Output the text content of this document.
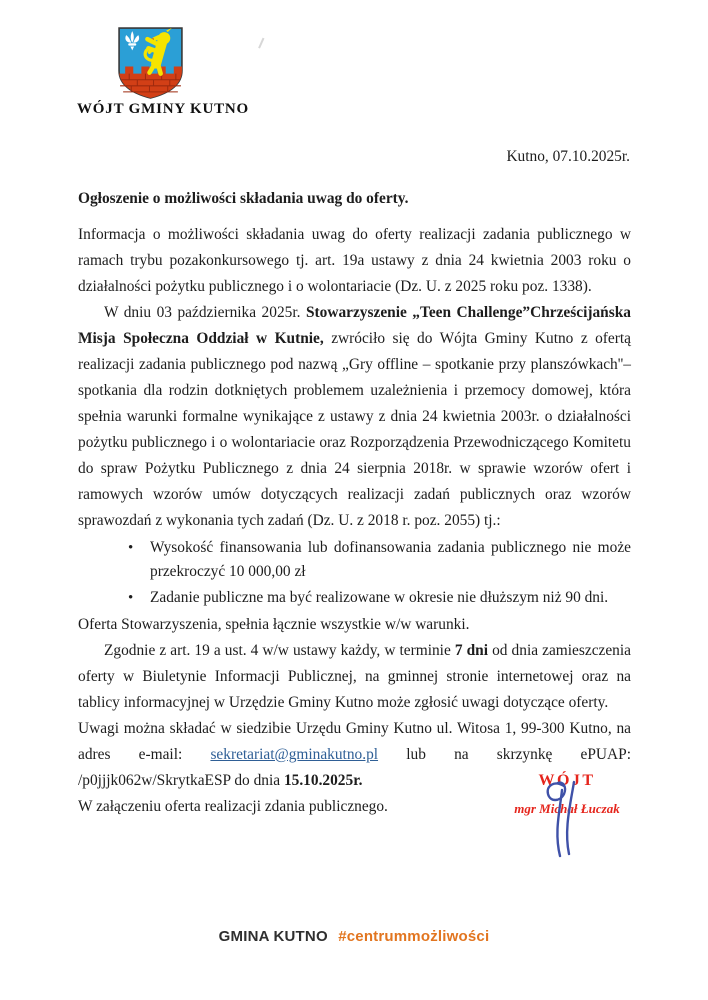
WÓJT GMINY KUTNO
Kutno, 07.10.2025r.

Ogłoszenie o możliwości składania uwag do oferty.

Informacja o możliwości składania uwag do oferty realizacji zadania publicznego w ramach trybu pozakonkursowego tj. art. 19a ustawy z dnia 24 kwietnia 2003 roku o działalności pożytku publicznego i o wolontariacie (Dz. U. z 2025 roku poz. 1338).
W dniu 03 października 2025r. Stowarzyszenie „Teen Challenge”Chrześcijańska Misja Społeczna Oddział w Kutnie, zwróciło się do Wójta Gminy Kutno z ofertą realizacji zadania publicznego pod nazwą „Gry offline – spotkanie przy planszówkach''– spotkania dla rodzin dotkniętych problemem uzależnienia i przemocy domowej, która spełnia warunki formalne wynikające z ustawy z dnia 24 kwietnia 2003r. o działalności pożytku publicznego i o wolontariacie oraz Rozporządzenia Przewodniczącego Komitetu do spraw Pożytku Publicznego z dnia 24 sierpnia 2018r. w sprawie wzorów ofert i ramowych wzorów umów dotyczących realizacji zadań publicznych oraz wzorów sprawozdań z wykonania tych zadań (Dz. U. z 2018 r. poz. 2055) tj.:
• Wysokość finansowania lub dofinansowania zadania publicznego nie może przekroczyć 10 000,00 zł
• Zadanie publiczne ma być realizowane w okresie nie dłuższym niż 90 dni.
Oferta Stowarzyszenia, spełnia łącznie wszystkie w/w warunki.
Zgodnie z art. 19 a ust. 4 w/w ustawy każdy, w terminie 7 dni od dnia zamieszczenia oferty w Biuletynie Informacji Publicznej, na gminnej stronie internetowej oraz na tablicy informacyjnej w Urzędzie Gminy Kutno może zgłosić uwagi dotyczące oferty.
Uwagi można składać w siedzibie Urzędu Gminy Kutno ul. Witosa 1, 99-300 Kutno, na adres e-mail: sekretariat@gminakutno.pl lub na skrzynkę ePUAP: /p0jjjk062w/SkrytkaESP do dnia 15.10.2025r.
W załączeniu oferta realizacji zdania publicznego.
WÓJT
mgr Michał Łuczak
GMINA KUTNO #centrummożliwości
